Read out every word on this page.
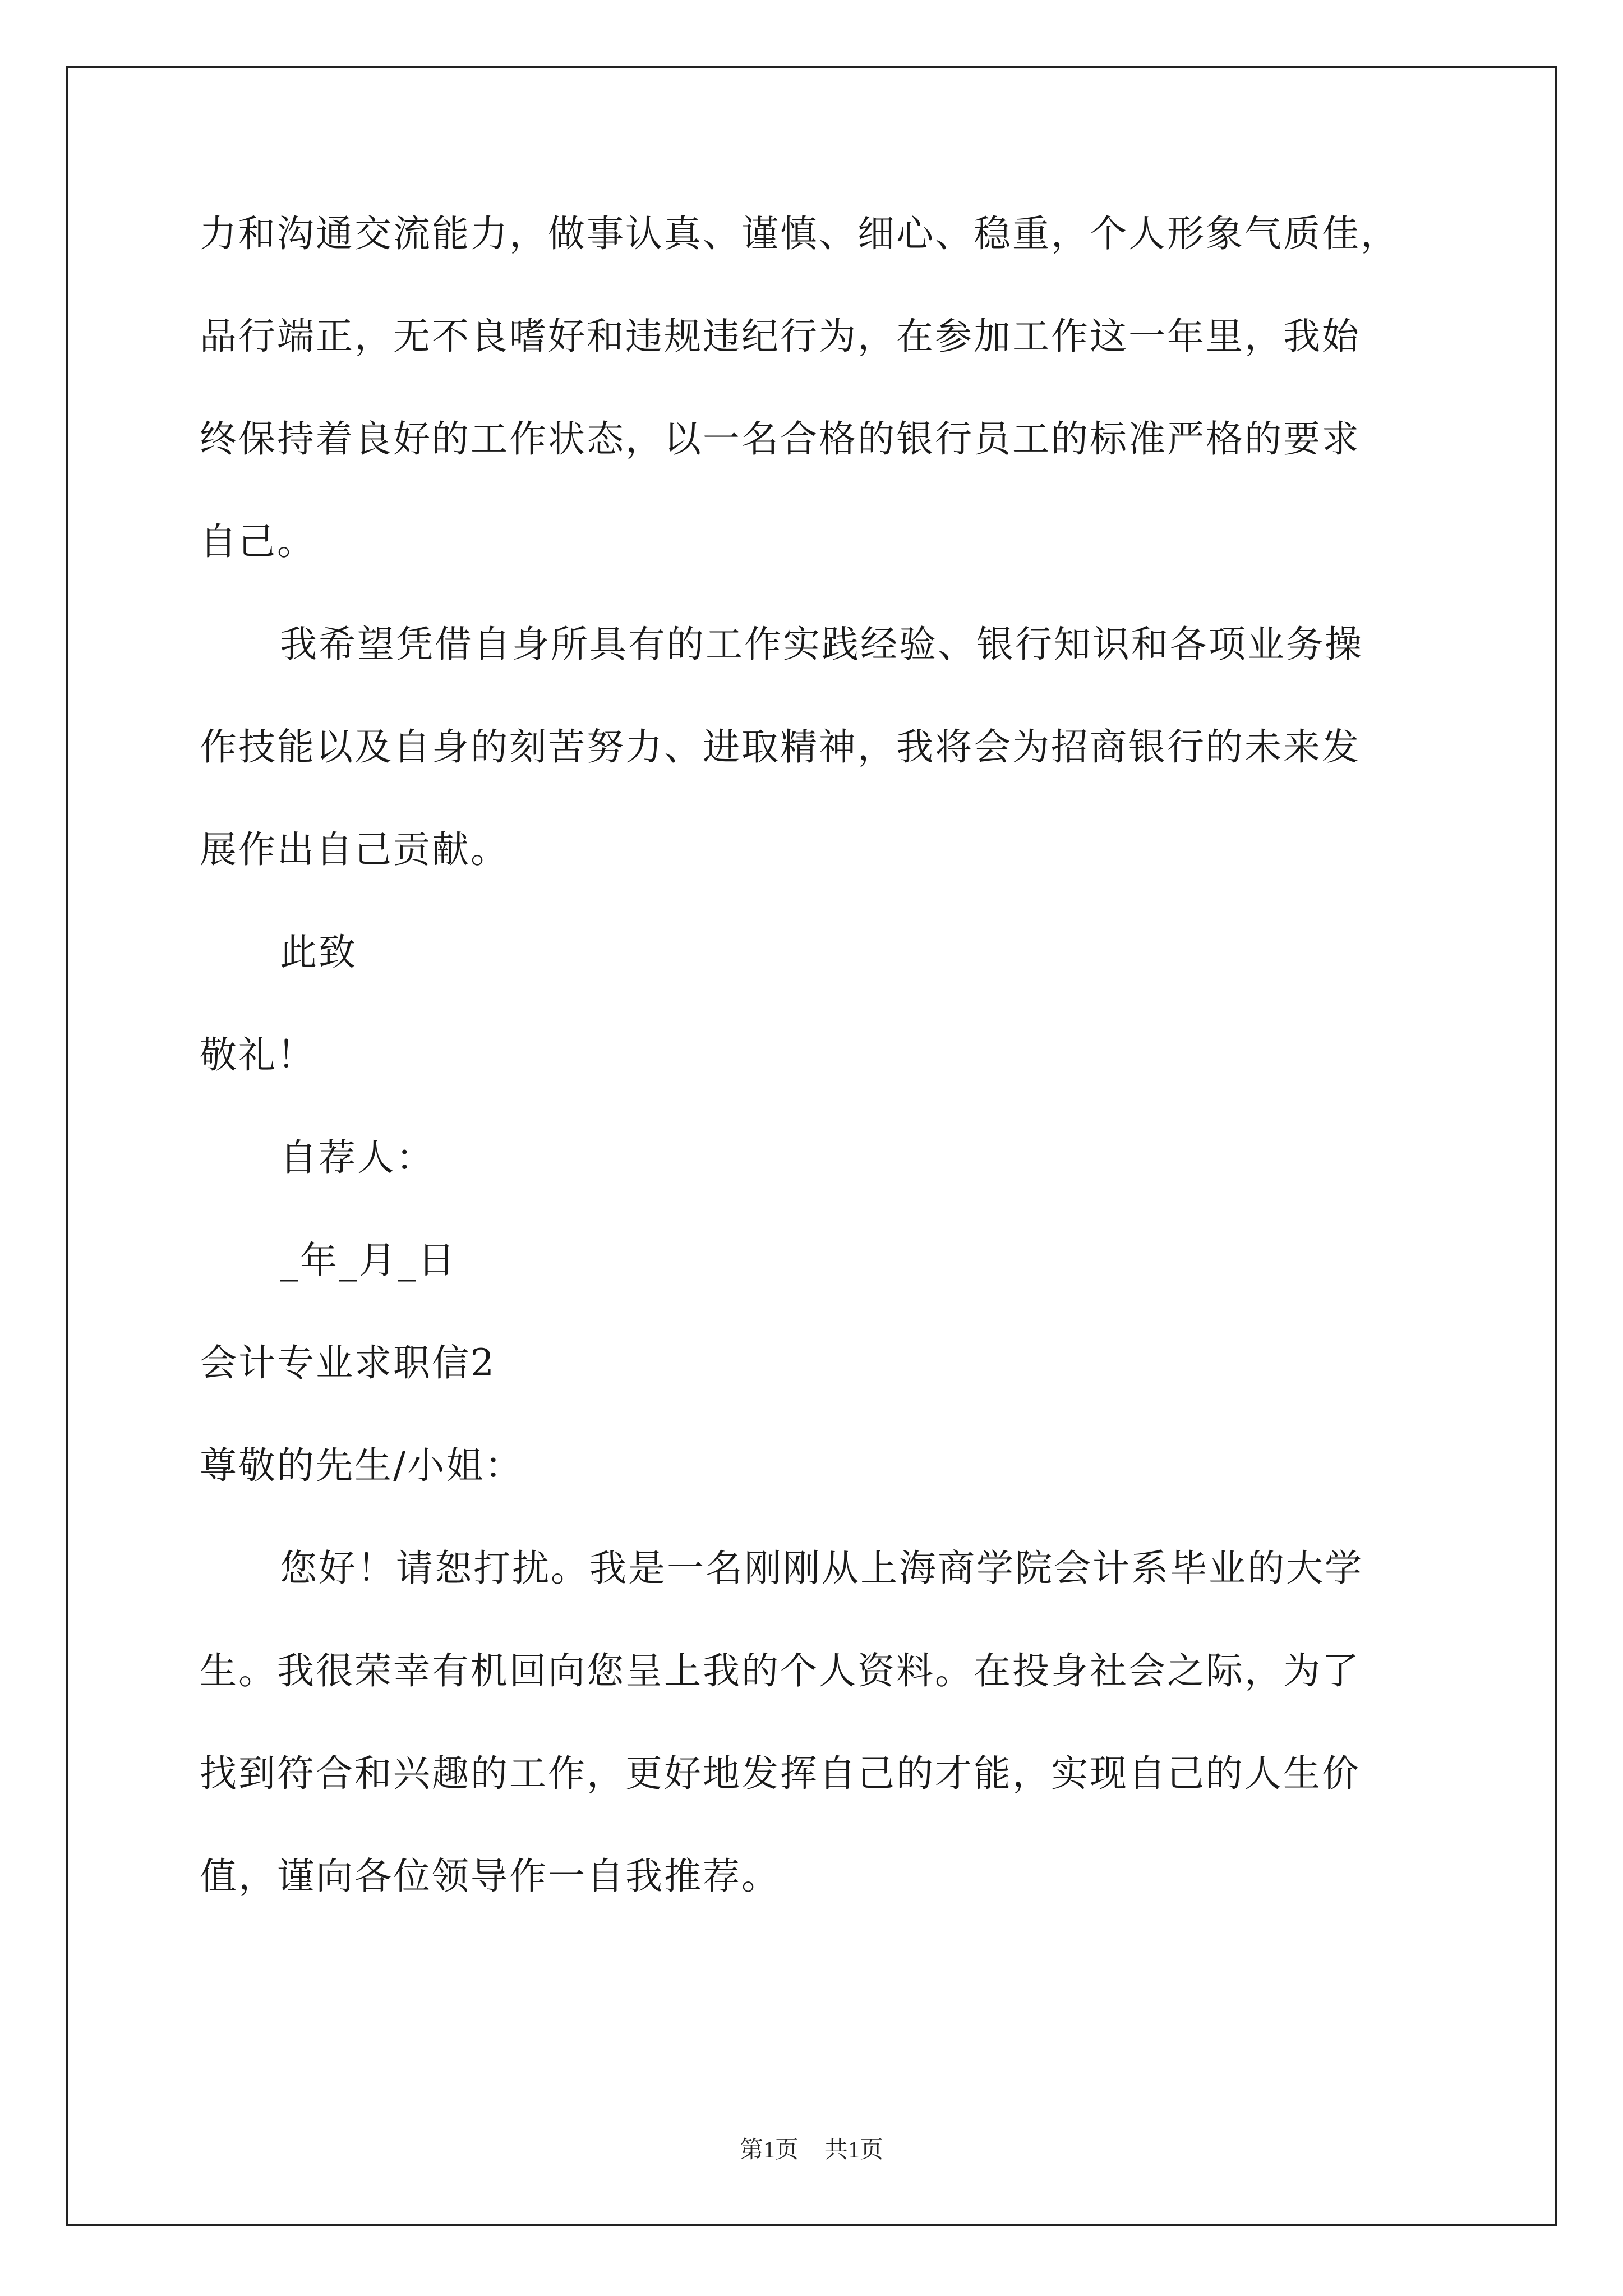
力和沟通交流能力，做事认真、谨慎、细心、稳重，个人形象气质佳，
品行端正，无不良嗜好和违规违纪行为，在参加工作这一年里，我始
终保持着良好的工作状态，以一名合格的银行员工的标准严格的要求
自己。
我希望凭借自身所具有的工作实践经验、银行知识和各项业务操
作技能以及自身的刻苦努力、进取精神，我将会为招商银行的未来发
展作出自己贡献。
此致
敬礼！
自荐人：
_年_月_日
会计专业求职信2
尊敬的先生/小姐：
您好！请恕打扰。我是一名刚刚从上海商学院会计系毕业的大学
生。我很荣幸有机回向您呈上我的个人资料。在投身社会之际，为了
找到符合和兴趣的工作，更好地发挥自己的才能，实现自己的人生价
值，谨向各位领导作一自我推荐。
第1页 共1页
